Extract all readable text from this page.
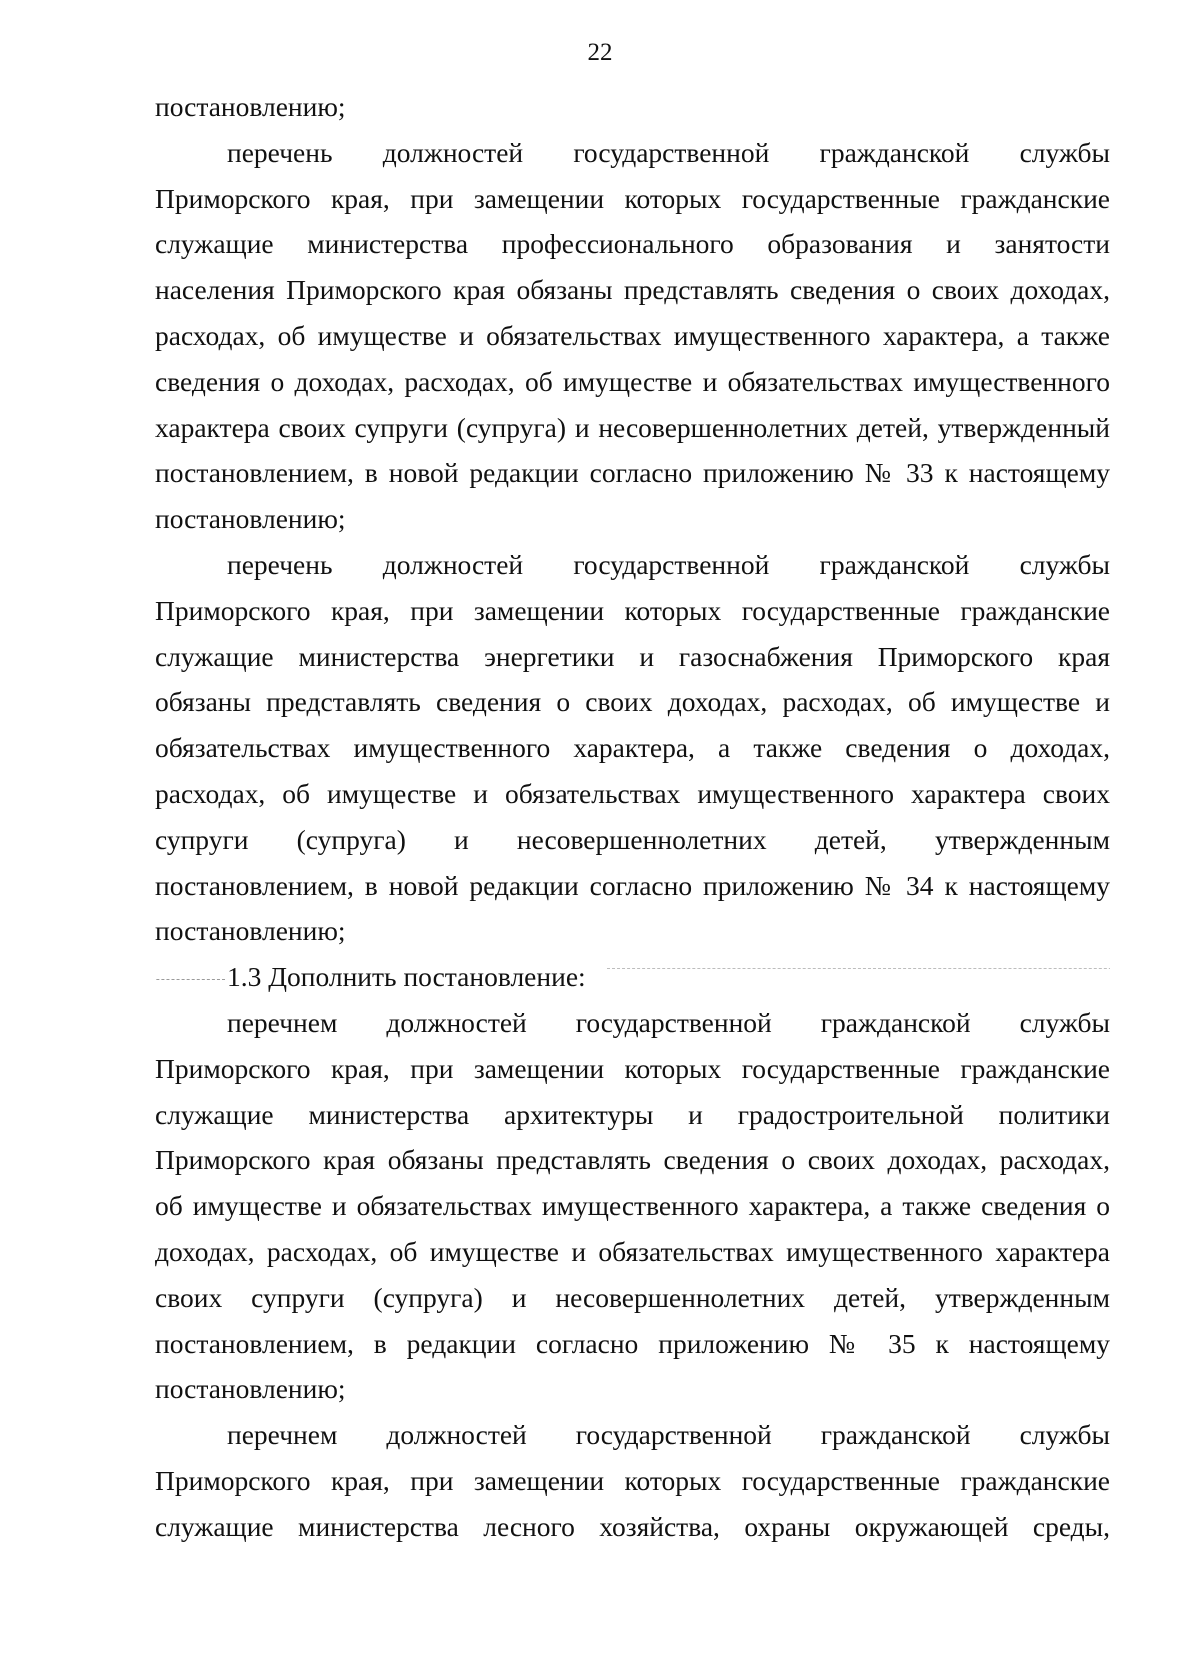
22
постановлению;
перечень должностей государственной гражданской службы
Приморского края, при замещении которых государственные гражданские
служащие министерства профессионального образования и занятости
населения Приморского края обязаны представлять сведения о своих доходах,
расходах, об имуществе и обязательствах имущественного характера, а также
сведения о доходах, расходах, об имуществе и обязательствах имущественного
характера своих супруги (супруга) и несовершеннолетних детей, утвержденный
постановлением, в новой редакции согласно приложению № 33 к настоящему
постановлению;
перечень должностей государственной гражданской службы
Приморского края, при замещении которых государственные гражданские
служащие министерства энергетики и газоснабжения Приморского края
обязаны представлять сведения о своих доходах, расходах, об имуществе и
обязательствах имущественного характера, а также сведения о доходах,
расходах, об имуществе и обязательствах имущественного характера своих
супруги (супруга) и несовершеннолетних детей, утвержденным
постановлением, в новой редакции согласно приложению № 34 к настоящему
постановлению;
1.3 Дополнить постановление:
перечнем должностей государственной гражданской службы
Приморского края, при замещении которых государственные гражданские
служащие министерства архитектуры и градостроительной политики
Приморского края обязаны представлять сведения о своих доходах, расходах,
об имуществе и обязательствах имущественного характера, а также сведения о
доходах, расходах, об имуществе и обязательствах имущественного характера
своих супруги (супруга) и несовершеннолетних детей, утвержденным
постановлением, в редакции согласно приложению № 35 к настоящему
постановлению;
перечнем должностей государственной гражданской службы
Приморского края, при замещении которых государственные гражданские
служащие министерства лесного хозяйства, охраны окружающей среды,
